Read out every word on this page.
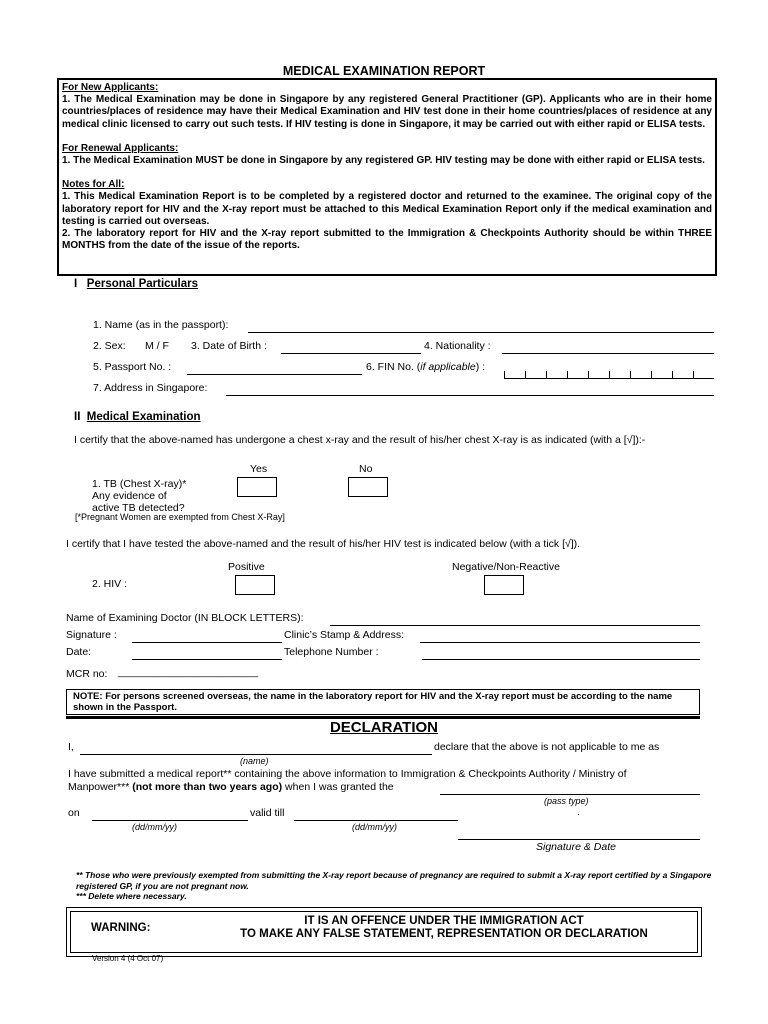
MEDICAL EXAMINATION REPORT

For New Applicants:

1. The Medical Examination may be done in Singapore by any registered General Practitioner (GP). Applicants who are in their home countries/places of residence may have their Medical Examination and HIV test done in their home countries/places of residence at any medical clinic licensed to carry out such tests. If HIV testing is done in Singapore, it may be carried out with either rapid or ELISA tests.

For Renewal Applicants:

1. The Medical Examination MUST be done in Singapore by any registered GP. HIV testing may be done with either rapid or ELISA tests.

Notes for All:

1. This Medical Examination Report is to be completed by a registered doctor and returned to the examinee. The original copy of the laboratory report for HIV and the X-ray report must be attached to this Medical Examination Report only if the medical examination and testing is carried out overseas.

2. The laboratory report for HIV and the X-ray report submitted to the Immigration & Checkpoints Authority should be within THREE MONTHS from the date of the issue of the reports.

I Personal Particulars
1. Name (as in the passport):
2. Sex: M / F 3. Date of Birth :	4. Nationality :
5. Passport No. :	6. FIN No. (if applicable) :
7. Address in Singapore:
II Medical Examination
I certify that the above-named has undergone a chest x-ray and the result of his/her chest X-ray is as indicated (with a [√]):-
Yes	No
1. TB (Chest X-ray)*
Any evidence of
active TB detected?
[*Pregnant Women are exempted from Chest X-Ray]
I certify that I have tested the above-named and the result of his/her HIV test is indicated below (with a tick [√]).
Positive	Negative/Non-Reactive
2. HIV :
Name of Examining Doctor (IN BLOCK LETTERS):
Signature :	Clinic’s Stamp & Address:
Date:	Telephone Number :
MCR no: ________________________
NOTE: For persons screened overseas, the name in the laboratory report for HIV and the X-ray report must be according to the name shown in the Passport.
DECLARATION
I,	declare that the above is not applicable to me as
(name)
I have submitted a medical report** containing the above information to Immigration & Checkpoints Authority / Ministry of
Manpower*** (not more than two years ago) when I was granted the
(pass type)
.
on	valid till
(dd/mm/yy)	(dd/mm/yy)
Signature & Date
** Those who were previously exempted from submitting the X-ray report because of pregnancy are required to submit a X-ray report certified by a Singapore registered GP, if you are not pregnant now.
*** Delete where necessary.
WARNING:
IT IS AN OFFENCE UNDER THE IMMIGRATION ACT
TO MAKE ANY FALSE STATEMENT, REPRESENTATION OR DECLARATION
Version 4 (4 Oct 07)
